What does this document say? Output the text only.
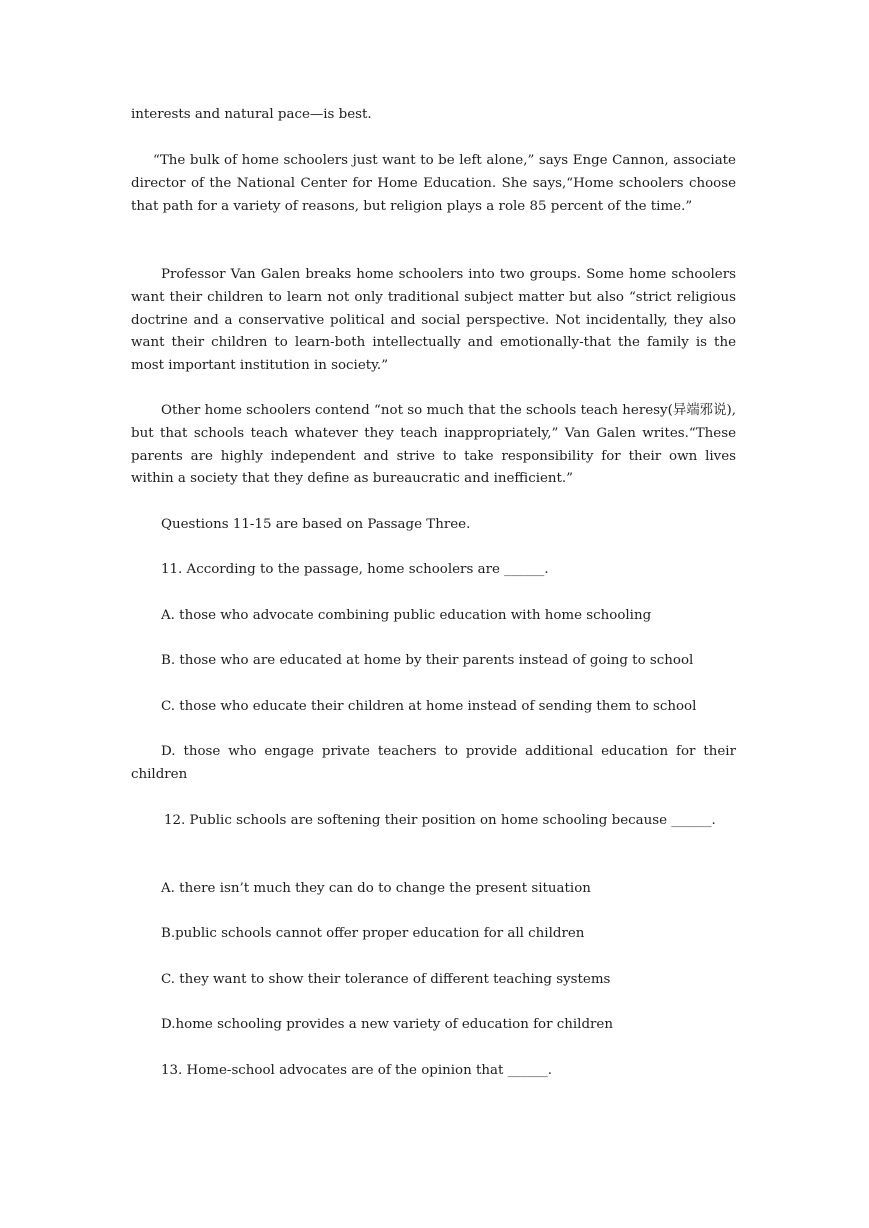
interests and natural pace—is best.

“The bulk of home schoolers just want to be left alone,” says Enge Cannon, associate director of the National Center for Home Education. She says,“Home schoolers choose that path for a variety of reasons, but religion plays a role 85 percent of the time.”

Professor Van Galen breaks home schoolers into two groups. Some home schoolers want their children to learn not only traditional subject matter but also “strict religious doctrine and a conservative political and social perspective. Not incidentally, they also want their children to learn-both intellectually and emotionally-that the family is the most important institution in society.”

Other home schoolers contend “not so much that the schools teach heresy(异端邪说), but that schools teach whatever they teach inappropriately,” Van Galen writes.“These parents are highly independent and strive to take responsibility for their own lives within a society that they define as bureaucratic and inefficient.”

Questions 11-15 are based on Passage Three.

11. According to the passage, home schoolers are ______.

A. those who advocate combining public education with home schooling

B. those who are educated at home by their parents instead of going to school

C. those who educate their children at home instead of sending them to school

D. those who engage private teachers to provide additional education for their children

12. Public schools are softening their position on home schooling because ______.

A. there isn’t much they can do to change the present situation

B.public schools cannot offer proper education for all children

C. they want to show their tolerance of different teaching systems

D.home schooling provides a new variety of education for children

13. Home-school advocates are of the opinion that ______.
